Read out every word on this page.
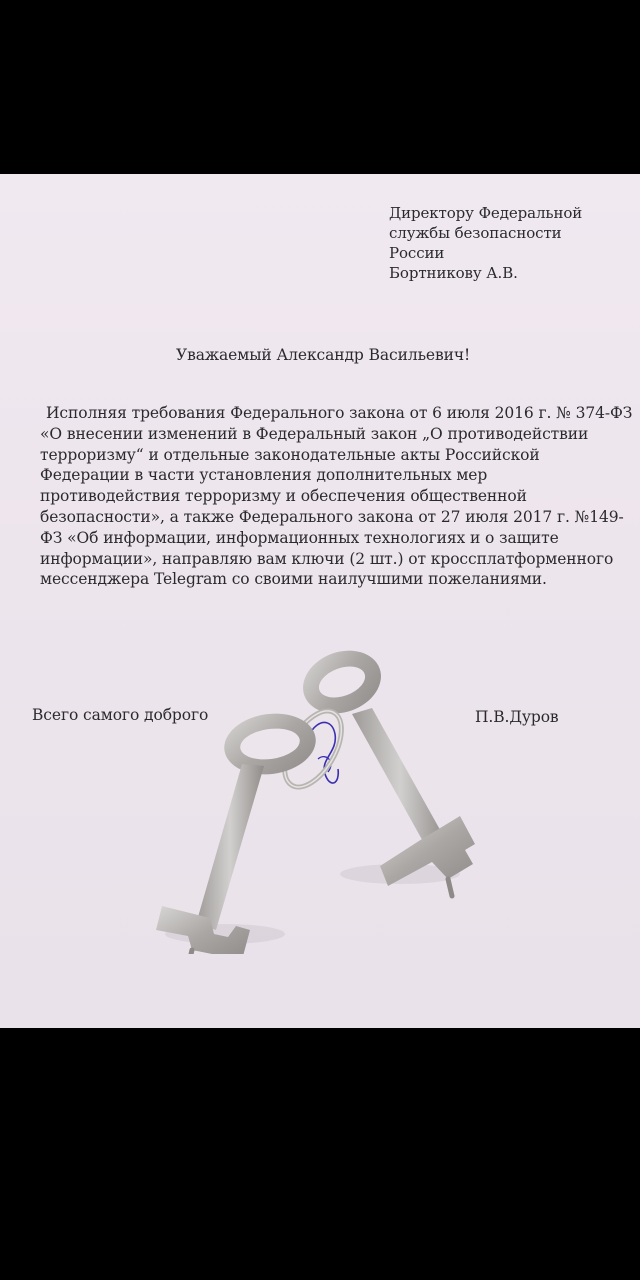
Директору Федеральной
службы безопасности
России
Бортникову А.В.
Уважаемый Александр Васильевич!
Исполняя требования Федерального закона от 6 июля 2016 г. № 374-ФЗ
«О внесении изменений в Федеральный закон „О противодействии
терроризму“ и отдельные законодательные акты Российской
Федерации в части установления дополнительных мер
противодействия терроризму и обеспечения общественной
безопасности», а также Федерального закона от 27 июля 2017 г. №149-
ФЗ «Об информации, информационных технологиях и о защите
информации», направляю вам ключи (2 шт.) от кроссплатформенного
мессенджера Telegram со своими наилучшими пожеланиями.
Всего самого доброго	П.В.Дуров
